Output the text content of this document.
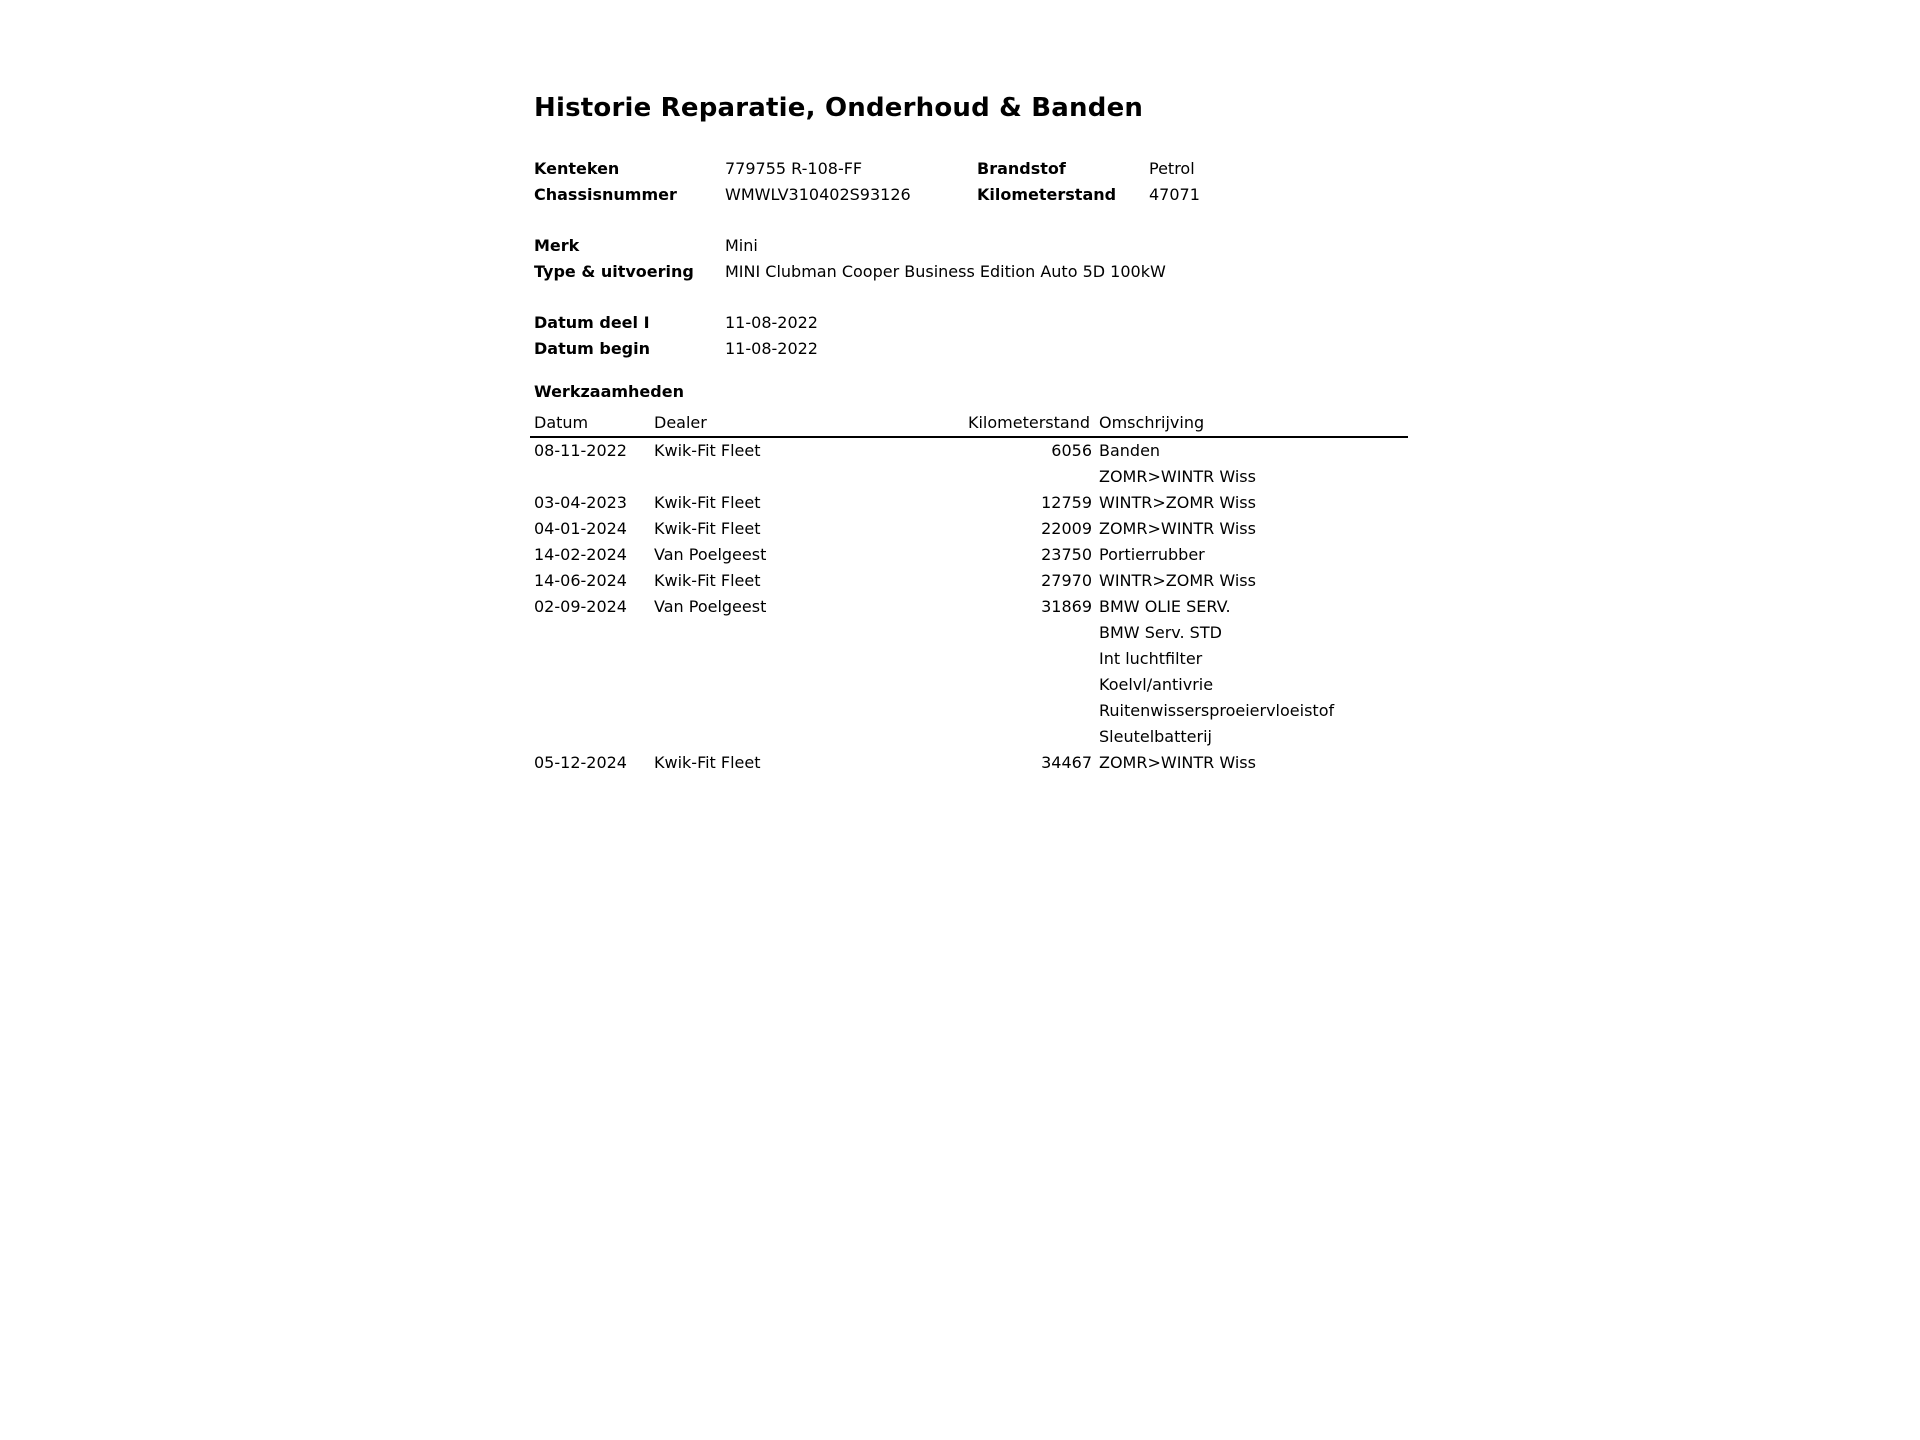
Historie Reparatie, Onderhoud & Banden
Kenteken	779755 R-108-FF	Brandstof	Petrol
Chassisnummer	WMWLV310402S93126	Kilometerstand 47071
Merk	Mini
Type & uitvoering MINI Clubman Cooper Business Edition Auto 5D 100kW
Datum deel I	11-08-2022
Datum begin	11-08-2022
Werkzaamheden
Datum	Dealer	Kilometerstand Omschrijving
08-11-2022 Kwik-Fit Fleet	6056 Banden
ZOMR>WINTR Wiss
03-04-2023 Kwik-Fit Fleet	12759 WINTR>ZOMR Wiss
04-01-2024 Kwik-Fit Fleet	22009 ZOMR>WINTR Wiss
14-02-2024 Van Poelgeest	23750 Portierrubber
14-06-2024 Kwik-Fit Fleet	27970 WINTR>ZOMR Wiss
02-09-2024 Van Poelgeest	31869 BMW OLIE SERV.
BMW Serv. STD
Int luchtfilter
Koelvl/antivrie
Ruitenwissersproeiervloeistof
Sleutelbatterij
05-12-2024 Kwik-Fit Fleet	34467 ZOMR>WINTR Wiss
